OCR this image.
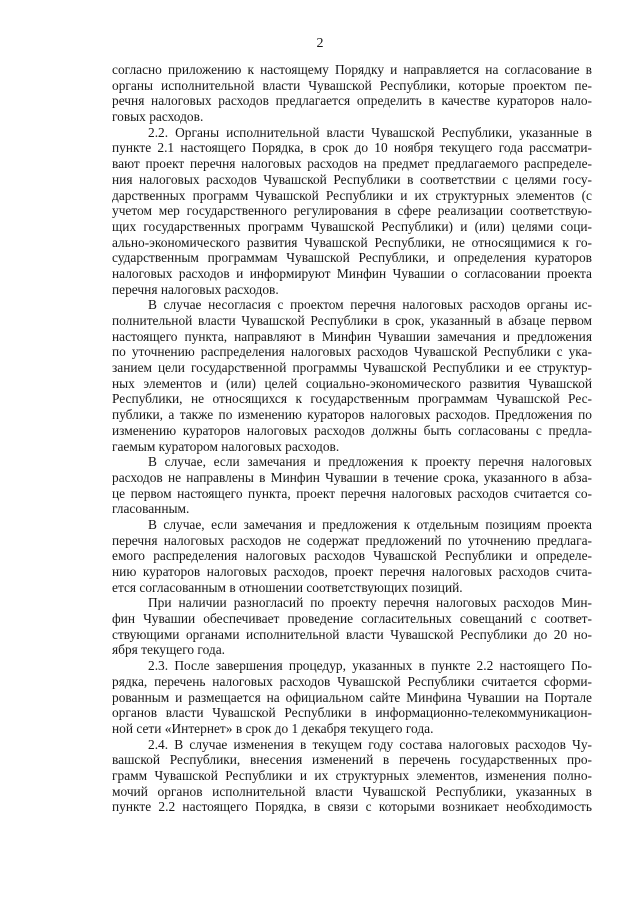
2
согласно приложению к настоящему Порядку и направляется на согласование в
органы исполнительной власти Чувашской Республики, которые проектом пе-
речня налоговых расходов предлагается определить в качестве кураторов нало-
говых расходов.
2.2. Органы исполнительной власти Чувашской Республики, указанные в
пункте 2.1 настоящего Порядка, в срок до 10 ноября текущего года рассматри-
вают проект перечня налоговых расходов на предмет предлагаемого распределе-
ния налоговых расходов Чувашской Республики в соответствии с целями госу-
дарственных программ Чувашской Республики и их структурных элементов (с
учетом мер государственного регулирования в сфере реализации соответствую-
щих государственных программ Чувашской Республики) и (или) целями соци-
ально-экономического развития Чувашской Республики, не относящимися к го-
сударственным программам Чувашской Республики, и определения кураторов
налоговых расходов и информируют Минфин Чувашии о согласовании проекта
перечня налоговых расходов.
В случае несогласия с проектом перечня налоговых расходов органы ис-
полнительной власти Чувашской Республики в срок, указанный в абзаце первом
настоящего пункта, направляют в Минфин Чувашии замечания и предложения
по уточнению распределения налоговых расходов Чувашской Республики с ука-
занием цели государственной программы Чувашской Республики и ее структур-
ных элементов и (или) целей социально-экономического развития Чувашской
Республики, не относящихся к государственным программам Чувашской Рес-
публики, а также по изменению кураторов налоговых расходов. Предложения по
изменению кураторов налоговых расходов должны быть согласованы с предла-
гаемым куратором налоговых расходов.
В случае, если замечания и предложения к проекту перечня налоговых
расходов не направлены в Минфин Чувашии в течение срока, указанного в абза-
це первом настоящего пункта, проект перечня налоговых расходов считается со-
гласованным.
В случае, если замечания и предложения к отдельным позициям проекта
перечня налоговых расходов не содержат предложений по уточнению предлага-
емого распределения налоговых расходов Чувашской Республики и определе-
нию кураторов налоговых расходов, проект перечня налоговых расходов счита-
ется согласованным в отношении соответствующих позиций.
При наличии разногласий по проекту перечня налоговых расходов Мин-
фин Чувашии обеспечивает проведение согласительных совещаний с соответ-
ствующими органами исполнительной власти Чувашской Республики до 20 но-
ября текущего года.
2.3. После завершения процедур, указанных в пункте 2.2 настоящего По-
рядка, перечень налоговых расходов Чувашской Республики считается сформи-
рованным и размещается на официальном сайте Минфина Чувашии на Портале
органов власти Чувашской Республики в информационно-телекоммуникацион-
ной сети «Интернет» в срок до 1 декабря текущего года.
2.4. В случае изменения в текущем году состава налоговых расходов Чу-
вашской Республики, внесения изменений в перечень государственных про-
грамм Чувашской Республики и их структурных элементов, изменения полно-
мочий органов исполнительной власти Чувашской Республики, указанных в
пункте 2.2 настоящего Порядка, в связи с которыми возникает необходимость
